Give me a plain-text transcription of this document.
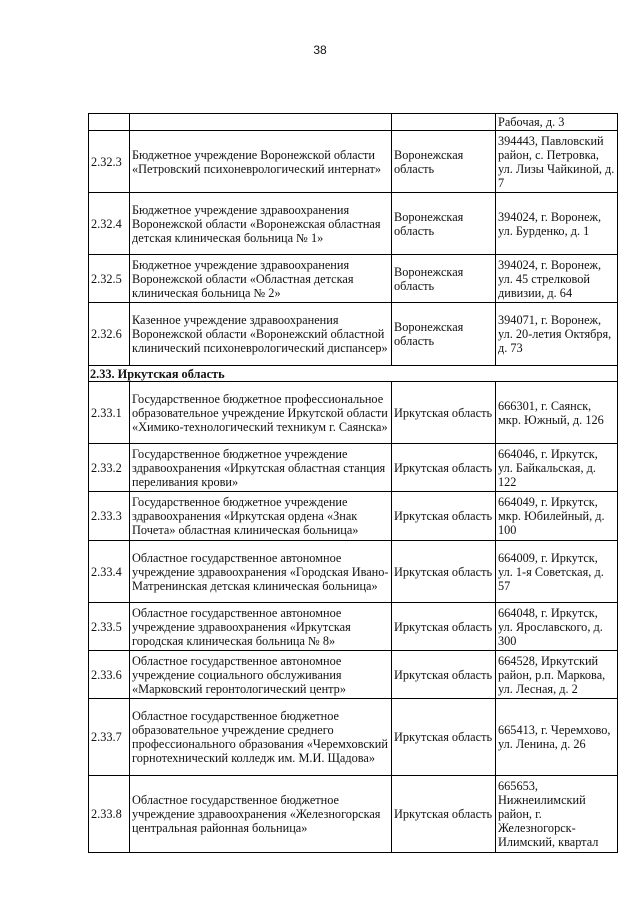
38
			Рабочая, д. 3
2.32.3	Бюджетное учреждение Воронежской области «Петровский психоневрологический интернат»	Воронежская область	394443, Павловский район, с. Петровка, ул. Лизы Чайкиной, д. 7
2.32.4	Бюджетное учреждение здравоохранения Воронежской области «Воронежская областная детская клиническая больница № 1»	Воронежская область	394024, г. Воронеж, ул. Бурденко, д. 1
2.32.5	Бюджетное учреждение здравоохранения Воронежской области «Областная детская клиническая больница № 2»	Воронежская область	394024, г. Воронеж, ул. 45 стрелковой дивизии, д. 64
2.32.6	Казенное учреждение здравоохранения Воронежской области «Воронежский областной клинический психоневрологический диспансер»	Воронежская область	394071, г. Воронеж, ул. 20-летия Октября, д. 73
2.33. Иркутская область			
2.33.1	Государственное бюджетное профессиональное образовательное учреждение Иркутской области «Химико-технологический техникум г. Саянска»	Иркутская область	666301, г. Саянск, мкр. Южный, д. 126
2.33.2	Государственное бюджетное учреждение здравоохранения «Иркутская областная станция переливания крови»	Иркутская область	664046, г. Иркутск, ул. Байкальская, д. 122
2.33.3	Государственное бюджетное учреждение здравоохранения «Иркутская ордена «Знак Почета» областная клиническая больница»	Иркутская область	664049, г. Иркутск, мкр. Юбилейный, д. 100
2.33.4	Областное государственное автономное учреждение здравоохранения «Городская Ивано-Матренинская детская клиническая больница»	Иркутская область	664009, г. Иркутск, ул. 1-я Советская, д. 57
2.33.5	Областное государственное автономное учреждение здравоохранения «Иркутская городская клиническая больница № 8»	Иркутская область	664048, г. Иркутск, ул. Ярославского, д. 300
2.33.6	Областное государственное автономное учреждение социального обслуживания «Марковский геронтологический центр»	Иркутская область	664528, Иркутский район, р.п. Маркова, ул. Лесная, д. 2
2.33.7	Областное государственное бюджетное образовательное учреждение среднего профессионального образования «Черемховский горнотехнический колледж им. М.И. Щадова»	Иркутская область	665413, г. Черемхово, ул. Ленина, д. 26
2.33.8	Областное государственное бюджетное учреждение здравоохранения «Железногорская центральная районная больница»	Иркутская область	665653, Нижнеилимский район, г. Железногорск-Илимский, квартал
